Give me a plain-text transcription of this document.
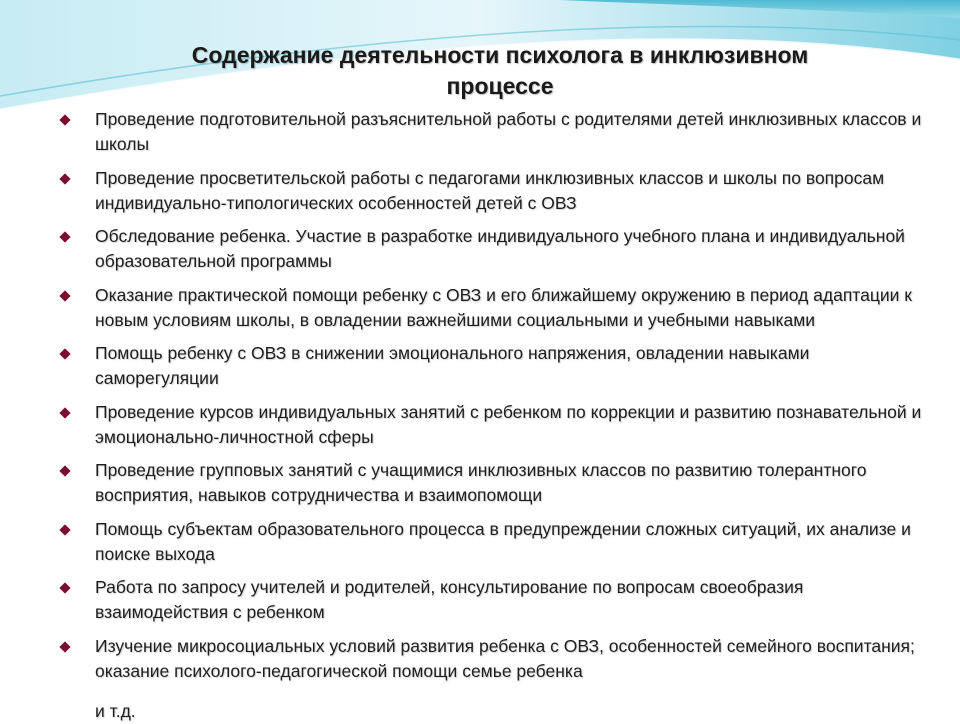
Содержание деятельности психолога в инклюзивном
процессе
Проведение подготовительной разъяснительной работы с родителями детей инклюзивных классов и школы
Проведение просветительской работы с педагогами инклюзивных классов и школы по вопросам индивидуально-типологических особенностей детей с ОВЗ
Обследование ребенка. Участие в разработке индивидуального учебного плана и индивидуальной образовательной программы
Оказание практической помощи ребенку с ОВЗ и его ближайшему окружению в период адаптации к новым условиям школы, в овладении важнейшими социальными и учебными навыками
Помощь ребенку с ОВЗ в снижении эмоционального напряжения, овладении навыками саморегуляции
Проведение курсов индивидуальных занятий с ребенком по коррекции и развитию познавательной и эмоционально-личностной сферы
Проведение групповых занятий с учащимися инклюзивных классов по развитию толерантного восприятия, навыков сотрудничества и взаимопомощи
Помощь субъектам образовательного процесса в предупреждении сложных ситуаций, их анализе и поиске выхода
Работа по запросу учителей и родителей, консультирование по вопросам своеобразия взаимодействия с ребенком
Изучение микросоциальных условий развития ребенка с ОВЗ, особенностей семейного воспитания; оказание психолого-педагогической помощи семье ребенка
и т.д.
